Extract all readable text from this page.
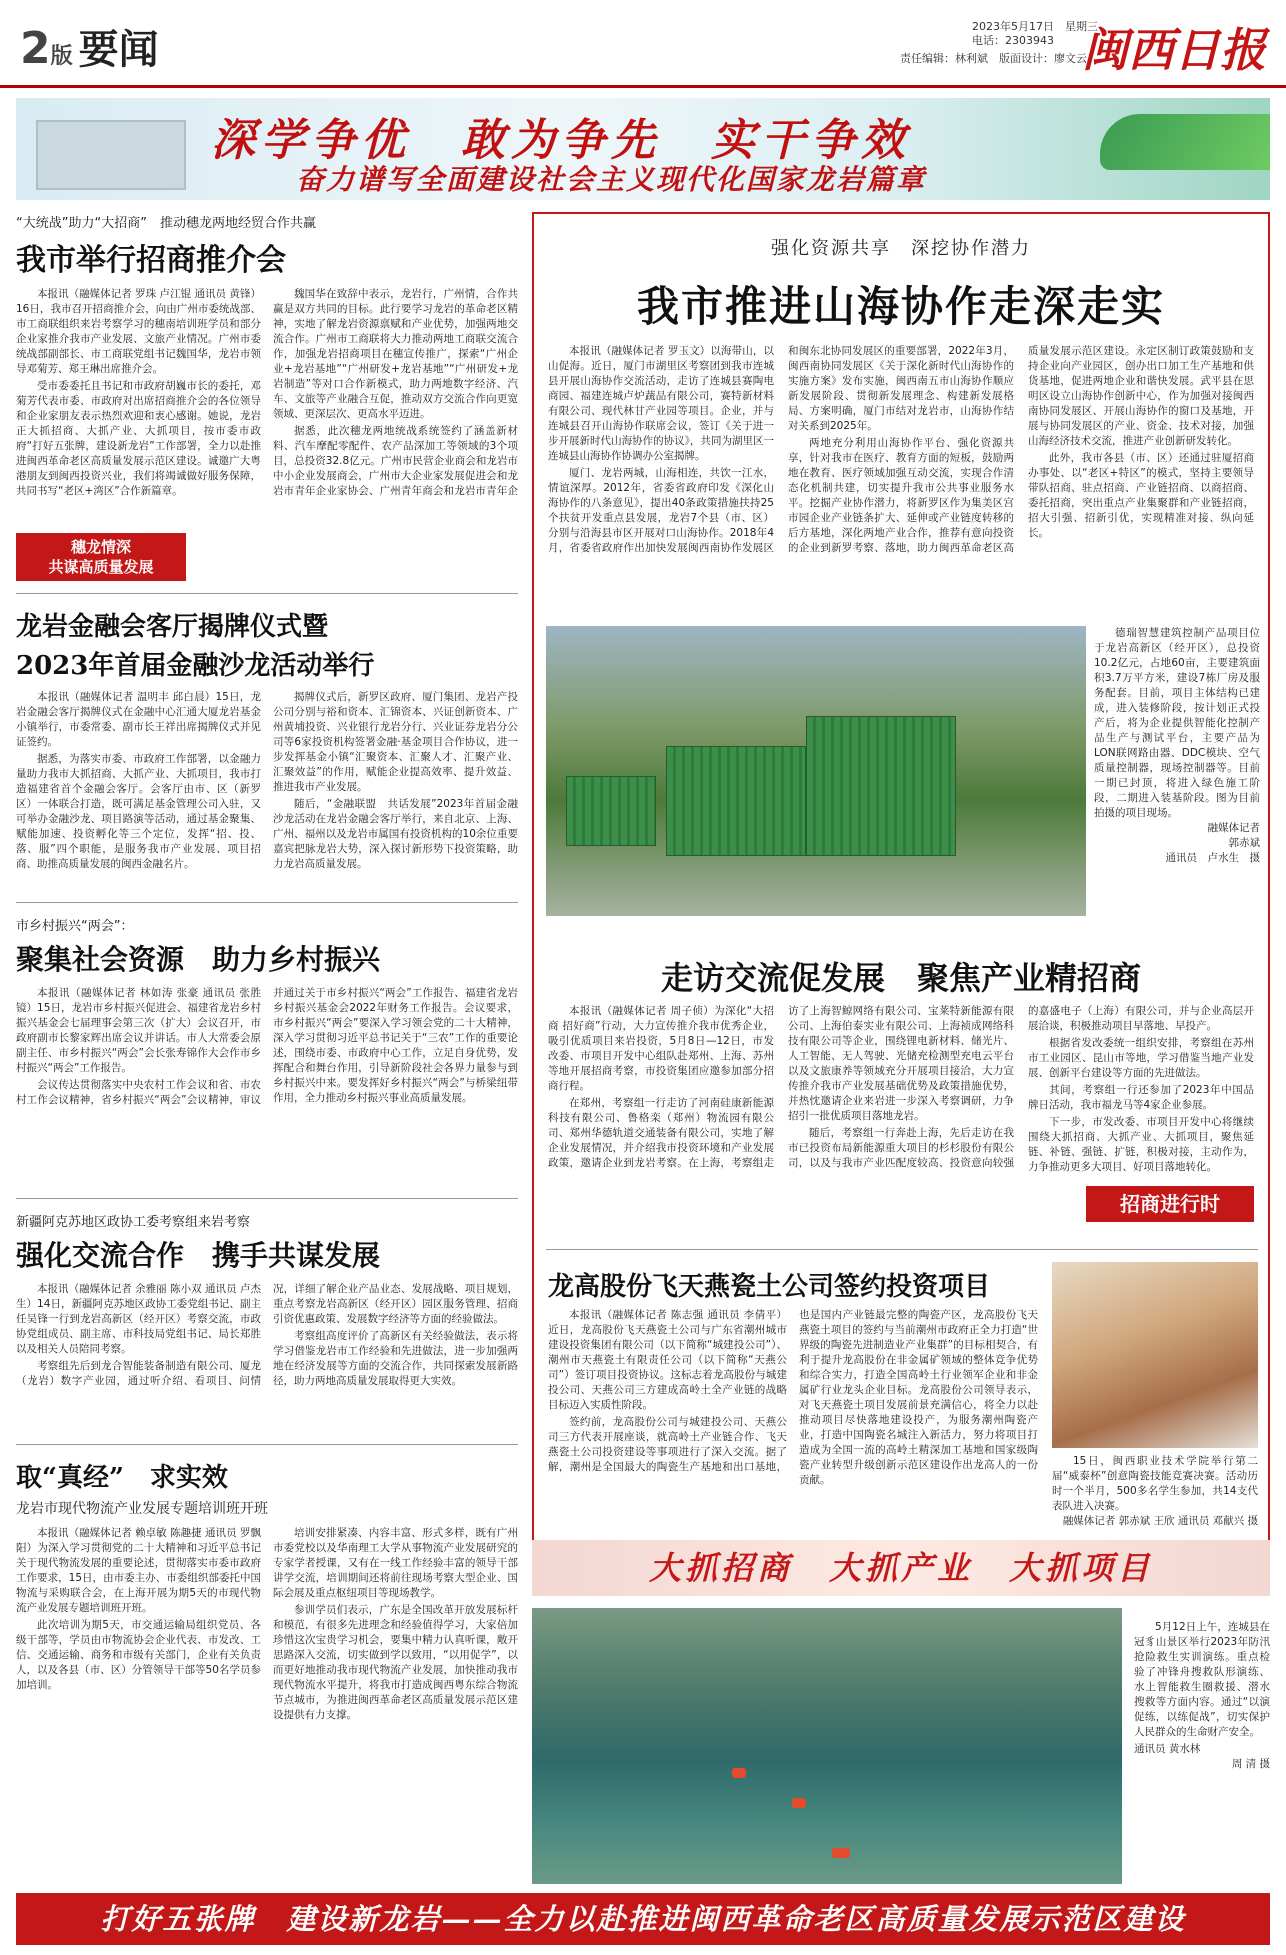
2版 要闻
2023年5月17日　星期三
电话：2303943
责任编辑：林利斌　版面设计：廖文云
闽西日报
深学争优　敢为争先　实干争效
奋力谱写全面建设社会主义现代化国家龙岩篇章
“大统战”助力“大招商”　推动穗龙两地经贸合作共赢
我市举行招商推介会

本报讯（融媒体记者 罗珠 卢江锟 通讯员 黄锋）16日，我市召开招商推介会，向由广州市委统战部、市工商联组织来岩考察学习的穗南培训班学员和部分企业家推介我市产业发展、文旅产业情况。广州市委统战部副部长、市工商联党组书记魏国华，龙岩市领导邓菊芳、郑王琳出席推介会。

受市委委托且书记和市政府胡巍市长的委托，邓菊芳代表市委、市政府对出席招商推介会的各位领导和企业家朋友表示热烈欢迎和衷心感谢。她说，龙岩正大抓招商、大抓产业、大抓项目，按市委市政府“打好五张牌，建设新龙岩”工作部署，全力以赴推进闽西革命老区高质量发展示范区建设。诚邀广大粤港朋友到闽西投资兴业，我们将竭诚做好服务保障，共同书写“老区+湾区”合作新篇章。

魏国华在致辞中表示，龙岩行，广州情，合作共赢是双方共同的目标。此行要学习龙岩的革命老区精神，实地了解龙岩资源禀赋和产业优势，加强两地交流合作。广州市工商联将大力推动两地工商联交流合作，加强龙岩招商项目在穗宣传推广，探索“广州企业+龙岩基地”“广州研发+龙岩基地”“广州研发+龙岩制造”等对口合作新模式，助力两地数字经济、汽车、文旅等产业融合互促，推动双方交流合作向更宽领域、更深层次、更高水平迈进。

据悉，此次穗龙两地统战系统签约了涵盖新材料、汽车摩配零配件、农产品深加工等领域的3个项目，总投资32.8亿元。广州市民营企业商会和龙岩市中小企业发展商会，广州市大企业家发展促进会和龙岩市青年企业家协会、广州青年商会和龙岩市青年企

穗龙情深
共谋高质量发展
龙岩金融会客厅揭牌仪式暨
2023年首届金融沙龙活动举行

本报讯（融媒体记者 温明丰 邱白晨）15日，龙岩金融会客厅揭牌仪式在金融中心汇通大厦龙岩基金小镇举行，市委常委、副市长王祥出席揭牌仪式并见证签约。

据悉，为落实市委、市政府工作部署，以金融力量助力我市大抓招商、大抓产业、大抓项目，我市打造福建省首个金融会客厅。会客厅由市、区（新罗区）一体联合打造，既可满足基金管理公司入驻，又可举办金融沙龙、项目路演等活动，通过基金聚集、赋能加速、投资孵化等三个定位，发挥“招、投、落、服”四个职能，是服务我市产业发展、项目招商、助推高质量发展的闽西金融名片。

揭牌仪式后，新罗区政府、厦门集团、龙岩产投公司分别与裕和资本、汇锦资本、兴证创新资本、广州黄埔投资、兴业银行龙岩分行、兴业证券龙岩分公司等6家投资机构签署金融·基金项目合作协议，进一步发挥基金小镇“汇聚资本、汇聚人才、汇聚产业、汇聚效益”的作用，赋能企业提高效率、提升效益、推进我市产业发展。

随后，“金融联盟　共话发展”2023年首届金融沙龙活动在龙岩金融会客厅举行，来自北京、上海、广州、福州以及龙岩市属国有投资机构的10余位重要嘉宾把脉龙岩大势，深入探讨新形势下投资策略，助力龙岩高质量发展。

市乡村振兴“两会”：
聚集社会资源　助力乡村振兴

本报讯（融媒体记者 林如涛 张豪 通讯员 张胜镜）15日，龙岩市乡村振兴促进会、福建省龙岩乡村振兴基金会七届理事会第三次（扩大）会议召开，市政府副市长黎家辉出席会议并讲话。市人大常委会原副主任、市乡村振兴“两会”会长张寿锦作大会作市乡村振兴“两会”工作报告。

会议传达贯彻落实中央农村工作会议和省、市农村工作会议精神，省乡村振兴“两会”会议精神，审议并通过关于市乡村振兴“两会”工作报告、福建省龙岩乡村振兴基金会2022年财务工作报告。会议要求，市乡村振兴“两会”要深入学习领会党的二十大精神，深入学习贯彻习近平总书记关于“三农”工作的重要论述，围绕市委、市政府中心工作，立足自身优势，发挥配合和舞台作用，引导新阶段社会各界力量参与到乡村振兴中来。要发挥好乡村振兴“两会”与桥梁纽带作用，全力推动乡村振兴事业高质量发展。

新疆阿克苏地区政协工委考察组来岩考察
强化交流合作　携手共谋发展

本报讯（融媒体记者 余雅丽 陈小双 通讯员 卢杰生）14日，新疆阿克苏地区政协工委党组书记、副主任吴锋一行到龙岩高新区（经开区）考察交流，市政协党组成员、副主席、市科技局党组书记、局长郑胜以及相关人员陪同考察。

考察组先后到龙合智能装备制造有限公司、厦龙（龙岩）数字产业园，通过听介绍、看项目、问情况，详细了解企业产品业态、发展战略、项目规划，重点考察龙岩高新区（经开区）园区服务管理、招商引资优惠政策、发展数字经济等方面的经验做法。

考察组高度评价了高新区有关经验做法，表示将学习借鉴龙岩市工作经验和先进做法，进一步加强两地在经济发展等方面的交流合作，共同探索发展新路径，助力两地高质量发展取得更大实效。

取“真经”　求实效
龙岩市现代物流产业发展专题培训班开班

本报讯（融媒体记者 赖卓敏 陈趣捷 通讯员 罗飘阳）为深入学习贯彻党的二十大精神和习近平总书记关于现代物流发展的重要论述，贯彻落实市委市政府工作要求，15日，由市委主办、市委组织部委托中国物流与采购联合会，在上海开展为期5天的市现代物流产业发展专题培训班开班。

此次培训为期5天，市交通运输局组织党员、各级干部等，学员由市物流协会企业代表、市发改、工信、交通运输、商务和市级有关部门，企业有关负责人，以及各县（市、区）分管领导干部等50名学员参加培训。

培训安排紧凑、内容丰富、形式多样，既有广州市委党校以及华南理工大学从事物流产业发展研究的专家学者授课，又有在一线工作经验丰富的领导干部讲学交流，培训期间还将前往现场考察大型企业、国际会展及重点枢纽项目等现场教学。

参训学员们表示，广东是全国改革开放发展标杆和模范，有很多先进理念和经验值得学习，大家倍加珍惜这次宝贵学习机会，要集中精力认真听课，敞开思路深入交流，切实做到学以致用，“以用促学”，以而更好地推动我市现代物流产业发展，加快推动我市现代物流水平提升，将我市打造成闽西粤东综合物流节点城市，为推进闽西革命老区高质量发展示范区建设提供有力支撑。

强化资源共享　深挖协作潜力
我市推进山海协作走深走实

本报讯（融媒体记者 罗玉文）以海带山，以山促海。近日，厦门市湖里区考察团到我市连城县开展山海协作交流活动，走访了连城县赛陶电商园、福建连城卢炉蔬品有限公司，赛特新材料有限公司、现代林甘产业园等项目。企业，并与连城县召开山海协作联席会议，签订《关于进一步开展新时代山海协作的协议》，共同为湖里区一连城县山海协作协调办公室揭牌。

厦门、龙岩两城，山海相连，共饮一江水，情谊深厚。2012年，省委省政府印发《深化山海协作的八条意见》，提出40条政策措施扶持25个扶贫开发重点县发展，龙岩7个县（市、区）分别与沿海县市区开展对口山海协作。2018年4月，省委省政府作出加快发展闽西南协作发展区和闽东北协同发展区的重要部署，2022年3月，闽西南协同发展区《关于深化新时代山海协作的实施方案》发布实施，闽西南五市山海协作顺应新发展阶段、贯彻新发展理念、构建新发展格局、方案明确，厦门市结对龙岩市，山海协作结对关系到2025年。

两地充分利用山海协作平台、强化资源共享，针对我市在医疗、教育方面的短板，鼓励两地在教育、医疗领域加强互动交流，实现合作清态化机制共建，切实提升我市公共事业服务水平。挖掘产业协作潜力，将新罗区作为集美区宫市园企业产业链条扩大、延伸或产业链度转移的后方基地，深化两地产业合作，推荐有意向投资的企业到新罗考察、落地，助力闽西革命老区高质量发展示范区建设。永定区制订政策鼓励和支持企业向产业园区，创办出口加工生产基地和供货基地，促进两地企业和谐快发展。武平县在思明区设立山海协作创新中心，作为加强对接闽西南协同发展区、开展山海协作的窗口及基地，开展与协同发展区的产业、资金、技术对接，加强山海经济技术交流，推进产业创新研发转化。

此外，我市各县（市、区）还通过驻厦招商办事处、以“老区+特区”的模式，坚持主要领导带队招商、驻点招商、产业链招商、以商招商、委托招商，突出重点产业集聚群和产业链招商，招大引强、招新引优，实现精准对接、纵向延长。

德瑞智慧建筑控制产品项目位于龙岩高新区（经开区），总投资10.2亿元，占地60亩，主要建筑面积3.7万平方米，建设7栋厂房及服务配套。目前，项目主体结构已建成，进入装修阶段，按计划正式投产后，将为企业提供智能化控制产品生产与测试平台，主要产品为LON联网路由器、DDC模块、空气质量控制器，现场控制器等。目前一期已封顶，将进入绿色施工阶段，二期进入装基阶段。图为目前拍摄的项目现场。

融媒体记者

郭赤斌

通讯员　卢水生　摄

走访交流促发展　聚焦产业精招商

本报讯（融媒体记者 周子侦）为深化“大招商 招好商”行动，大力宣传推介我市优秀企业，吸引优质项目来岩投资，5月8日—12日，市发改委、市项目开发中心组队赴郑州、上海、苏州等地开展招商考察，市投资集团应邀参加部分招商行程。

在郑州，考察组一行走访了河南硅康新能源科技有限公司、鲁格栾（郑州）物流园有限公司、郑州华德轨道交通装备有限公司，实地了解企业发展情况，并介绍我市投资环境和产业发展政策，邀请企业到龙岩考察。在上海，考察组走访了上海智鲸网络有限公司、宝莱特新能源有限公司、上海伯泰实业有限公司、上海祯成网络科技有限公司等企业，围绕锂电新材料、储光片、人工智能、无人驾驶、光储充检测型充电云平台以及文旅康养等领域充分开展项目接洽，大力宣传推介我市产业发展基础优势及政策措施优势，并热忱邀请企业来岩进一步深入考察调研，力争招引一批优质项目落地龙岩。

随后，考察组一行奔赴上海，先后走访在我市已投资布局新能源重大项目的杉杉股份有限公司，以及与我市产业匹配度较高、投资意向较强的嘉盛电子（上海）有限公司，并与企业高层开展洽谈，积极推动项目早落地、早投产。

根据省发改委统一组织安排，考察组在苏州市工业园区、昆山市等地，学习借鉴当地产业发展、创新平台建设等方面的先进做法。

其间，考察组一行还参加了2023年中国品牌日活动，我市福龙马等4家企业参展。

下一步，市发改委、市项目开发中心将继续围绕大抓招商、大抓产业、大抓项目，聚焦延链、补链、强链、扩链，积极对接，主动作为，力争推动更多大项目、好项目落地转化。

招商进行时
龙高股份飞天燕瓷土公司签约投资项目

本报讯（融媒体记者 陈志强 通讯员 李倩平）近日，龙高股份飞天燕瓷土公司与广东省潮州城市建设投资集团有限公司（以下简称“城建投公司”）、潮州市天燕瓷土有限责任公司（以下简称“天燕公司”）签订项目投资协议。这标志着龙高股份与城建投公司、天燕公司三方建成高岭土全产业链的战略目标迈入实质性阶段。

签约前，龙高股份公司与城建投公司、天燕公司三方代表开展座谈，就高岭土产业链合作、飞天燕瓷土公司投资建设等事项进行了深入交流。据了解，潮州是全国最大的陶瓷生产基地和出口基地，也是国内产业链最完整的陶瓷产区，龙高股份飞天燕瓷土项目的签约与当前潮州市政府正全力打造“世界级的陶瓷先进制造业产业集群”的目标相契合，有利于提升龙高股份在非金属矿领域的整体竞争优势和综合实力，打造全国高岭土行业领军企业和非金属矿行业龙头企业目标。龙高股份公司领导表示，对飞天燕瓷土项目发展前景充满信心，将全力以赴推动项目尽快落地建设投产，为服务潮州陶瓷产业，打造中国陶瓷名城注入新活力，努力将项目打造成为全国一流的高岭土精深加工基地和国家级陶瓷产业转型升级创新示范区建设作出龙高人的一份贡献。

15日，闽西职业技术学院举行第二届“威泰杯”创意陶瓷技能竞赛决赛。活动历时一个半月，500多名学生参加，共14支代表队进入决赛。

融媒体记者 郭赤斌 王欣 通讯员 邓献兴 摄

大抓招商　大抓产业　大抓项目

5月12日上午，连城县在冠豸山景区举行2023年防汛抢险救生实训演练。重点检验了冲锋舟搜救队形演练、水上智能救生圈救援、潜水搜救等方面内容。通过“以演促练，以练促战”，切实保护人民群众的生命财产安全。

通讯员 黄水林

周 清 摄

打好五张牌　建设新龙岩——全力以赴推进闽西革命老区高质量发展示范区建设
